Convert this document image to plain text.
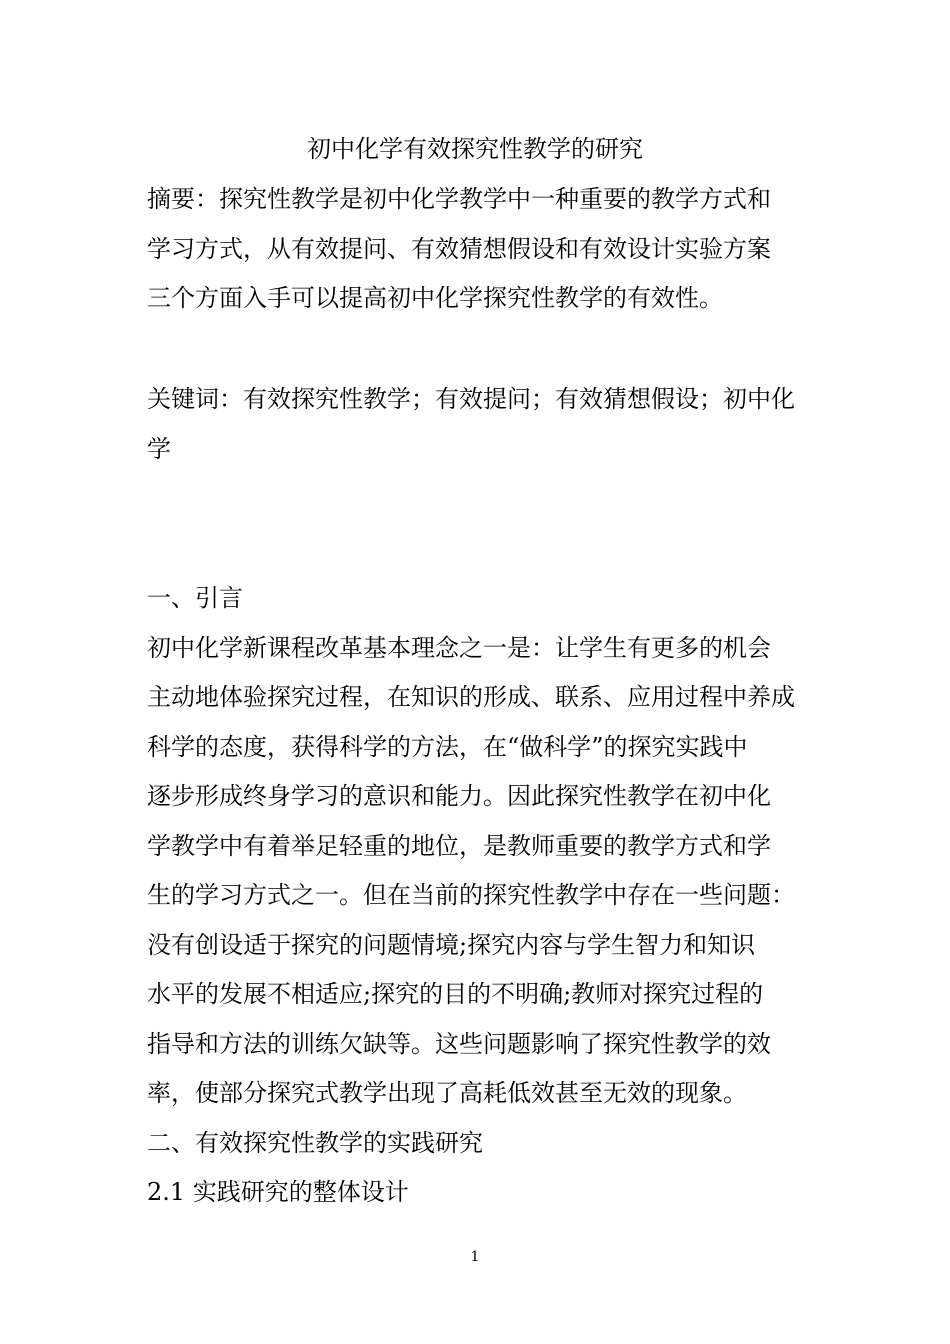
初中化学有效探究性教学的研究
摘要：探究性教学是初中化学教学中一种重要的教学方式和
学习方式，从有效提问、有效猜想假设和有效设计实验方案
三个方面入手可以提高初中化学探究性教学的有效性。
关键词：有效探究性教学；有效提问；有效猜想假设；初中化
学
一、引言
初中化学新课程改革基本理念之一是：让学生有更多的机会
主动地体验探究过程，在知识的形成、联系、应用过程中养成
科学的态度，获得科学的方法，在“做科学”的探究实践中
逐步形成终身学习的意识和能力。因此探究性教学在初中化
学教学中有着举足轻重的地位，是教师重要的教学方式和学
生的学习方式之一。但在当前的探究性教学中存在一些问题：
没有创设适于探究的问题情境;探究内容与学生智力和知识
水平的发展不相适应;探究的目的不明确;教师对探究过程的
指导和方法的训练欠缺等。这些问题影响了探究性教学的效
率，使部分探究式教学出现了高耗低效甚至无效的现象。
二、有效探究性教学的实践研究
2.1 实践研究的整体设计
1
